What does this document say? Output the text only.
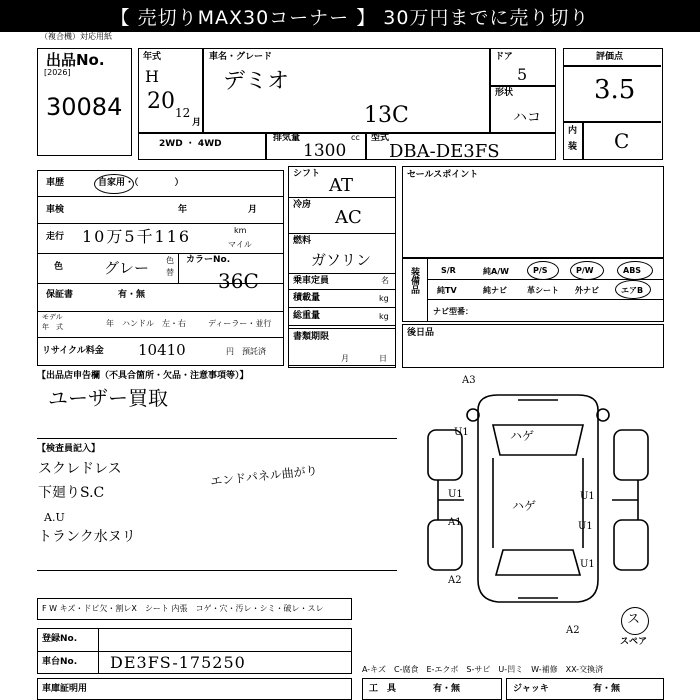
【 売切りMAX30コーナー 】 30万円までに売り切り
（複合機）対応用紙
出品No.
[2026]
30084
年式
H
20 12
月
車名・グレード
デミオ
13C
ドア
5
形状
ハコ
2WD ・ 4WD
排気量	cc
1300
型式
DBA-DE3FS
評価点
3.5
内
装 C
車歴	自家用・（　　　　）
車検	年	月
走行 10万5千116	km
マイル
色	グレー 色
替
カラーNo.
36C
保証書	有・無
モデル
年　式	年 ハンドル　左・右	ディーラー・並行
リサイクル料金 10410	円　預託済
シフト
AT
冷房
AC
燃料
ガソリン
乗車定員	名
積載量	kg
総重量	kg
書類期限
月	日
セールスポイント
装備品	S/R	純A/W	P/S	P/W	ABS
純TV	純ナビ	革シート 外ナビ	エアB
ナビ型番：
後日品
【出品店申告欄（不具合箇所・欠品・注意事項等）】
ユーザー買取
【検査員記入】
スクレドレス
下廻りS.C
A.U
トランク水ヌリ
エンドパネル曲がり
A3
U1	ハゲ
U1
ハゲ
U1
A1	U1
A2
A2
U1
ス
スペア
F W キズ・ドビ欠・割レX　シート 内張　コゲ・穴・汚レ・シミ・破レ・スレ
登録No.
車台No. DE3FS-175250	A-キズ　C-腐食　E-エクボ　S-サビ　U-凹ミ　W-補修　XX-交換済
車庫証明用	工　具	有・無	ジャッキ	有・無
